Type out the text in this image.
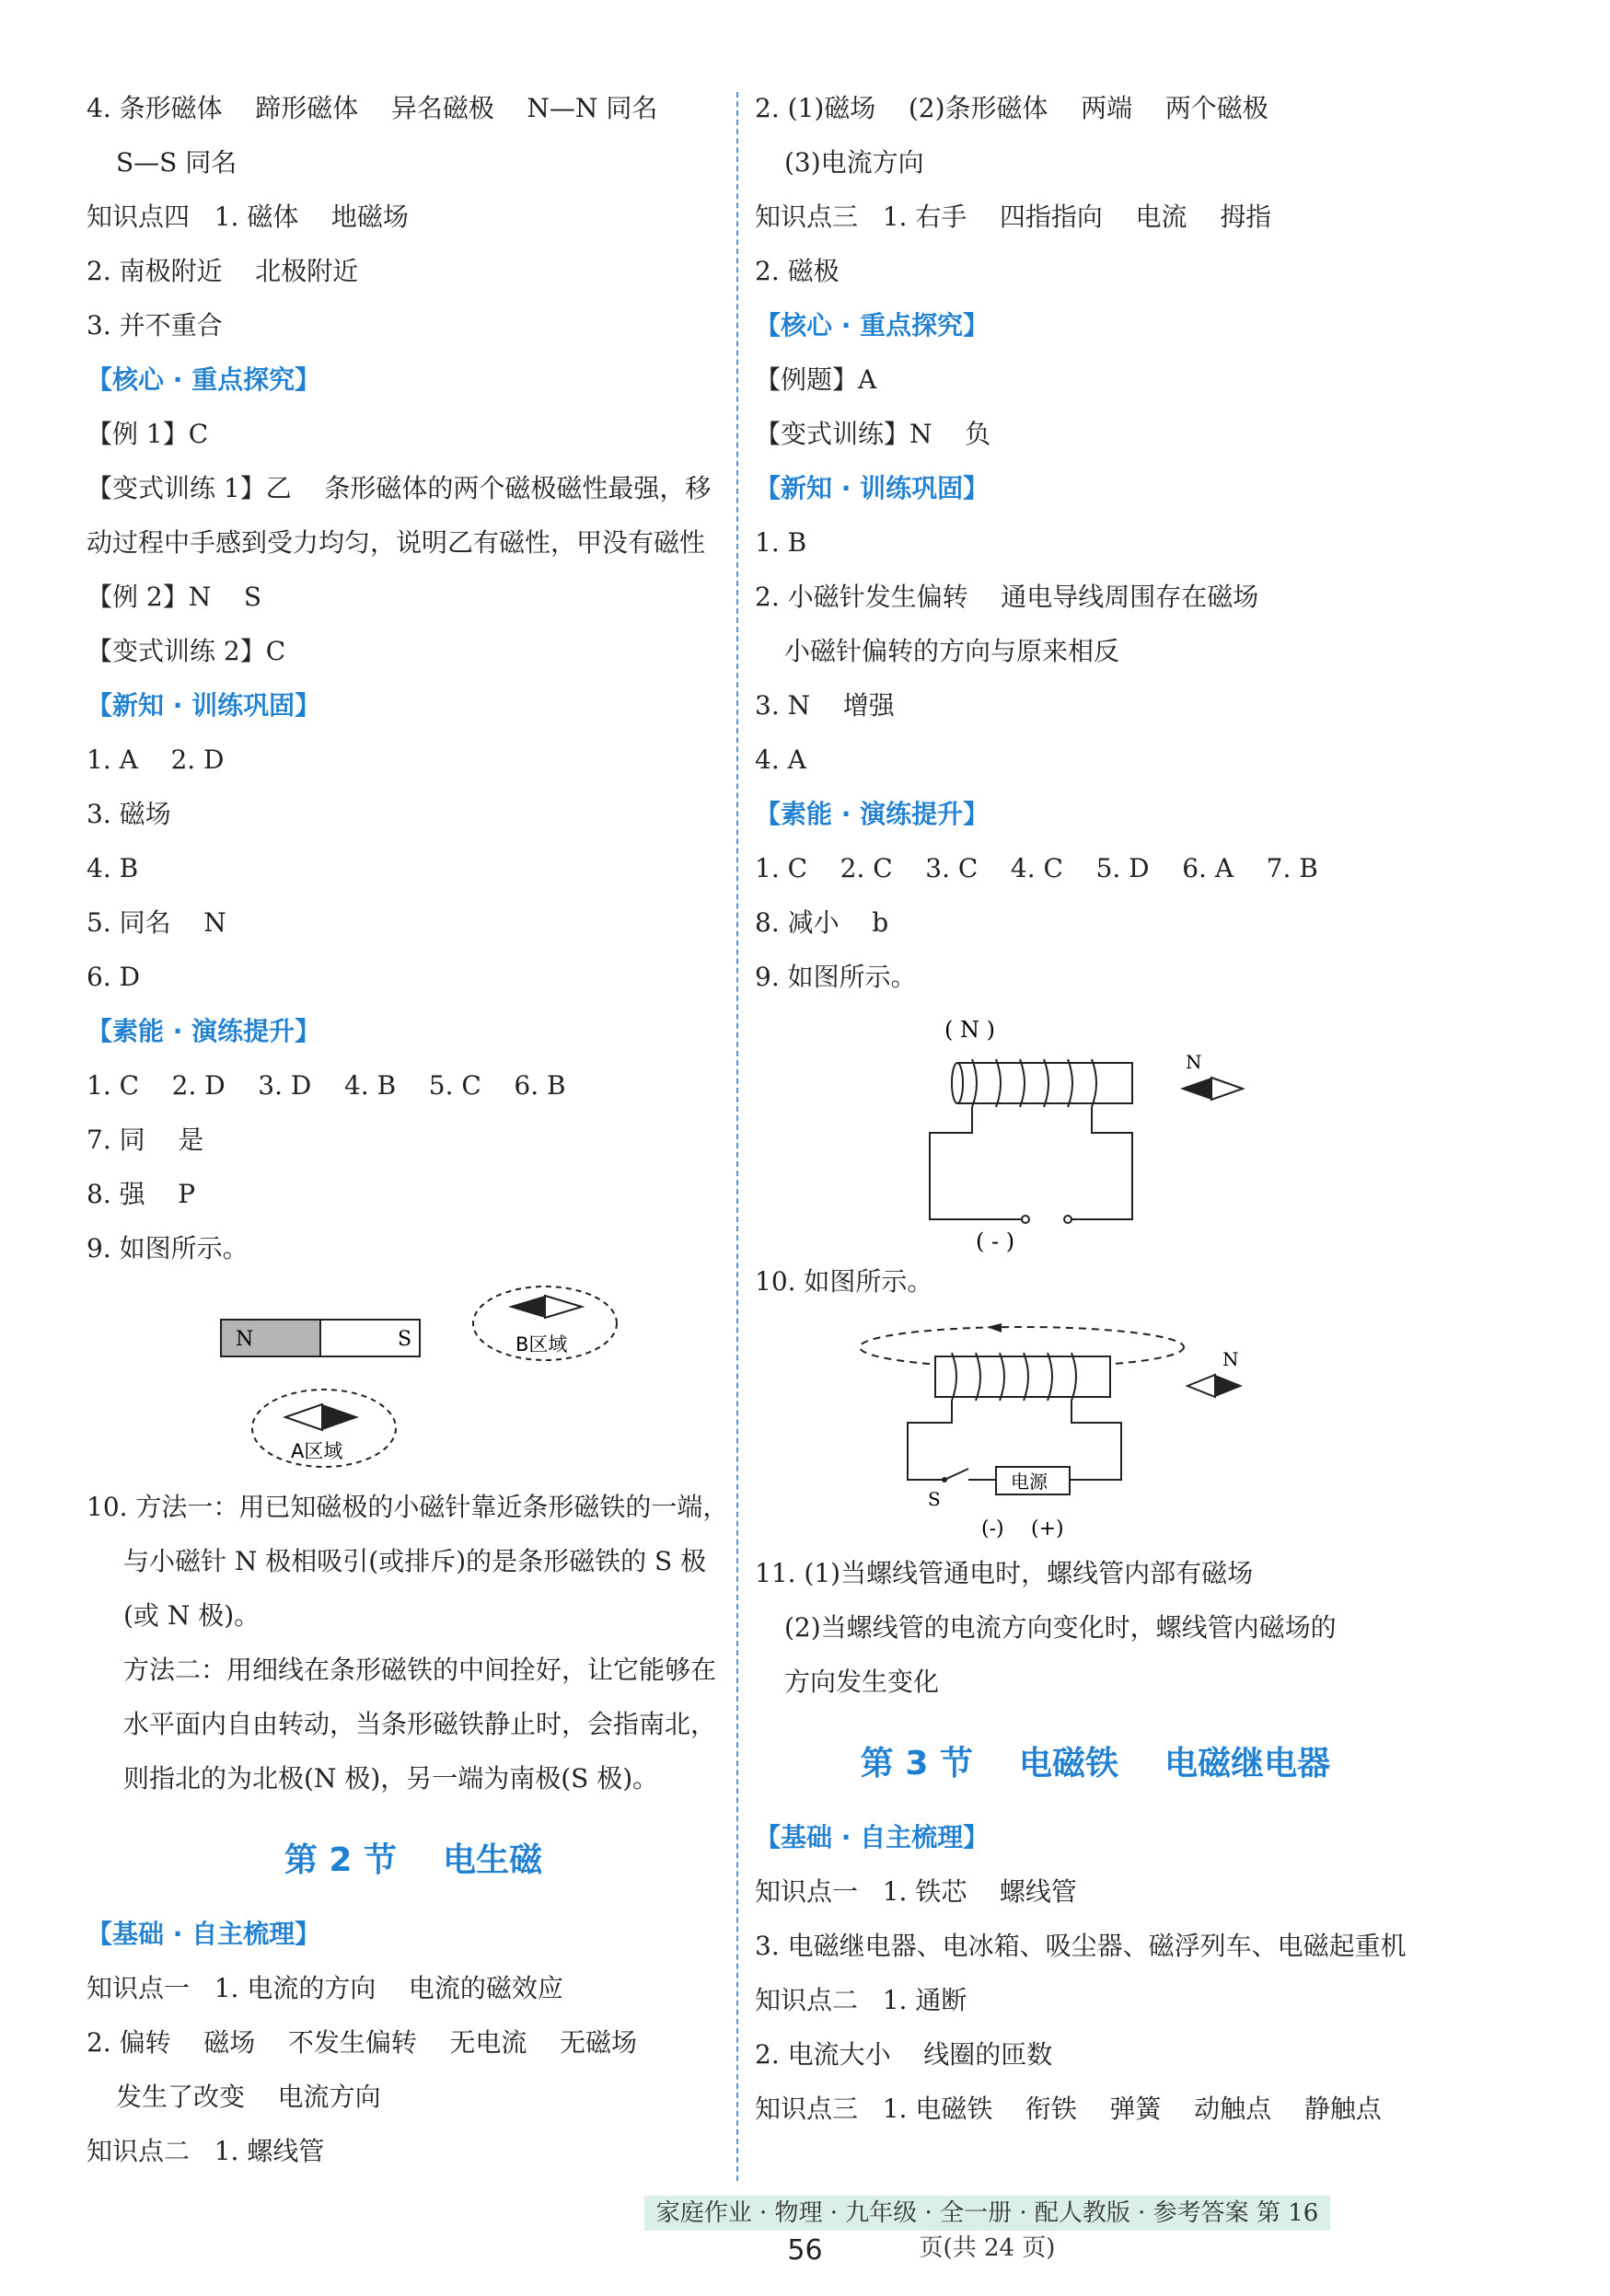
4. 条形磁体    蹄形磁体    异名磁极    N—N 同名
S—S 同名
知识点四   1. 磁体    地磁场
2. 南极附近    北极附近
3. 并不重合
【核心 · 重点探究】
【例 1】C
【变式训练 1】乙    条形磁体的两个磁极磁性最强，移
动过程中手感到受力均匀，说明乙有磁性，甲没有磁性
【例 2】N    S
【变式训练 2】C
【新知 · 训练巩固】
1. A    2. D
3. 磁场
4. B
5. 同名    N
6. D
【素能 · 演练提升】
1. C    2. D    3. D    4. B    5. C    6. B
7. 同    是
8. 强    P
9. 如图所示。
N	S	B区域
A区域
10. 方法一：用已知磁极的小磁针靠近条形磁铁的一端，与小磁针 N 极相吸引(或排斥)的是条形磁铁的 S 极(或 N 极)。
方法二：用细线在条形磁铁的中间拴好，让它能够在水平面内自由转动，当条形磁铁静止时，会指南北，则指北的为北极(N 极)，另一端为南极(S 极)。
第 2 节    电生磁
【基础 · 自主梳理】
知识点一   1. 电流的方向    电流的磁效应
2. 偏转    磁场    不发生偏转    无电流    无磁场
发生了改变    电流方向
知识点二   1. 螺线管
2. (1)磁场    (2)条形磁体    两端    两个磁极
(3)电流方向
知识点三   1. 右手    四指指向    电流    拇指
2. 磁极
【核心 · 重点探究】
【例题】A
【变式训练】N    负
【新知 · 训练巩固】
1. B
2. 小磁针发生偏转    通电导线周围存在磁场
小磁针偏转的方向与原来相反
3. N    增强
4. A
【素能 · 演练提升】
1. C    2. C    3. C    4. C    5. D    6. A    7. B
8. 减小    b
9. 如图所示。
( N )
N
( - )
10. 如图所示。
S
电源
(-) (+)
N
11. (1)当螺线管通电时，螺线管内部有磁场
(2)当螺线管的电流方向变化时，螺线管内磁场的
方向发生变化
第 3 节    电磁铁    电磁继电器
【基础 · 自主梳理】
知识点一   1. 铁芯    螺线管
3. 电磁继电器、电冰箱、吸尘器、磁浮列车、电磁起重机
知识点二   1. 通断
2. 电流大小    线圈的匝数
知识点三   1. 电磁铁    衔铁    弹簧    动触点    静触点
家庭作业 · 物理 · 九年级 · 全一册 · 配人教版 · 参考答案 第 16 页(共 24 页)
56
